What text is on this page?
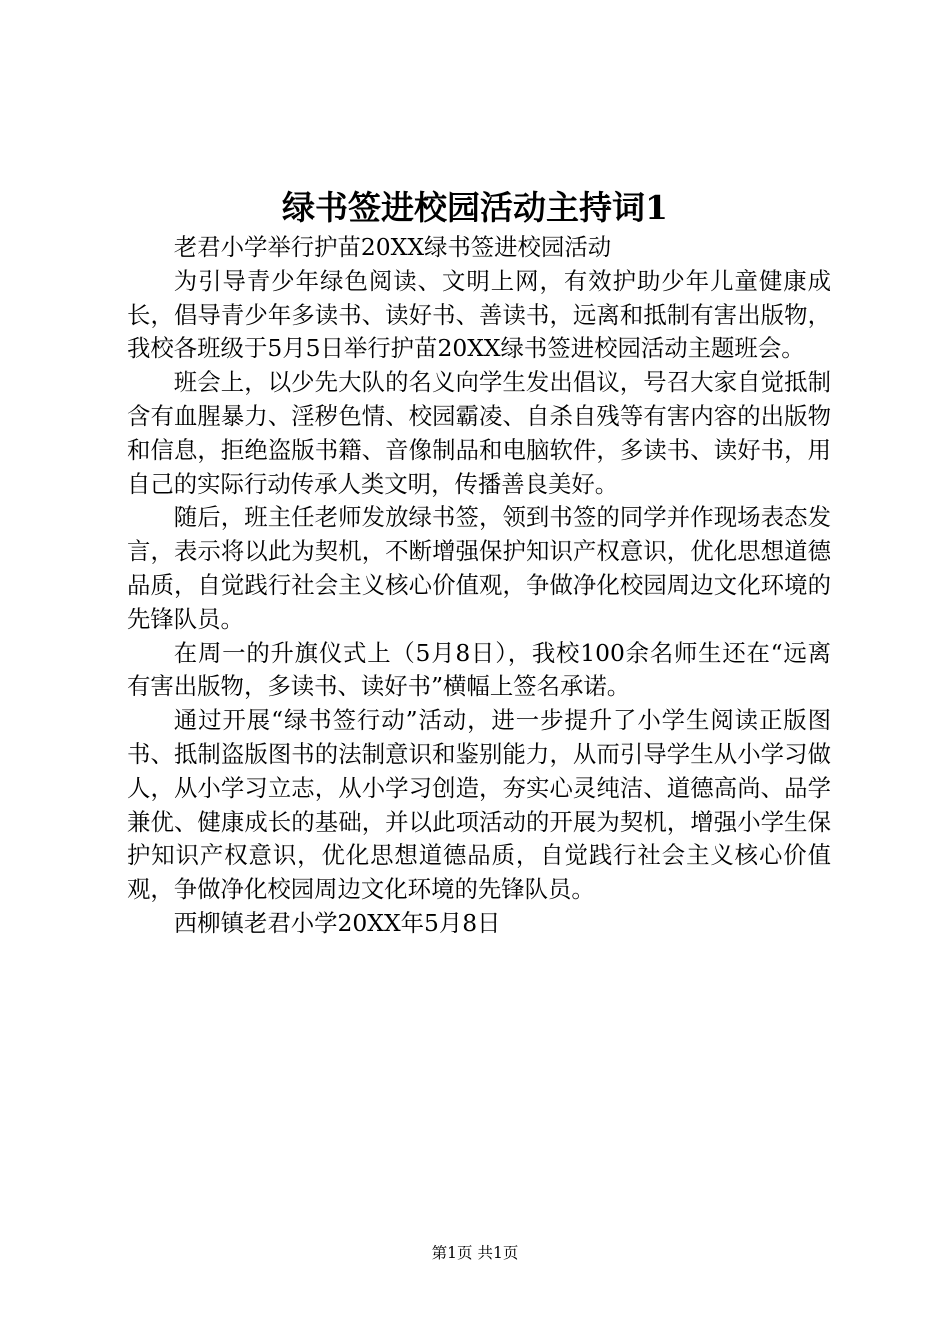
绿书签进校园活动主持词1

老君小学举行护苗20XX绿书签进校园活动

为引导青少年绿色阅读、文明上网，有效护助少年儿童健康成长，倡导青少年多读书、读好书、善读书，远离和抵制有害出版物，我校各班级于5月5日举行护苗20XX绿书签进校园活动主题班会。

班会上，以少先大队的名义向学生发出倡议，号召大家自觉抵制含有血腥暴力、淫秽色情、校园霸凌、自杀自残等有害内容的出版物和信息，拒绝盗版书籍、音像制品和电脑软件，多读书、读好书，用自己的实际行动传承人类文明，传播善良美好。

随后，班主任老师发放绿书签，领到书签的同学并作现场表态发言，表示将以此为契机，不断增强保护知识产权意识，优化思想道德品质，自觉践行社会主义核心价值观，争做净化校园周边文化环境的先锋队员。

在周一的升旗仪式上（5月8日），我校100余名师生还在“远离有害出版物，多读书、读好书”横幅上签名承诺。

通过开展“绿书签行动”活动，进一步提升了小学生阅读正版图书、抵制盗版图书的法制意识和鉴别能力，从而引导学生从小学习做人，从小学习立志，从小学习创造，夯实心灵纯洁、道德高尚、品学兼优、健康成长的基础，并以此项活动的开展为契机，增强小学生保护知识产权意识，优化思想道德品质，自觉践行社会主义核心价值观，争做净化校园周边文化环境的先锋队员。

西柳镇老君小学20XX年5月8日

第1页 共1页
